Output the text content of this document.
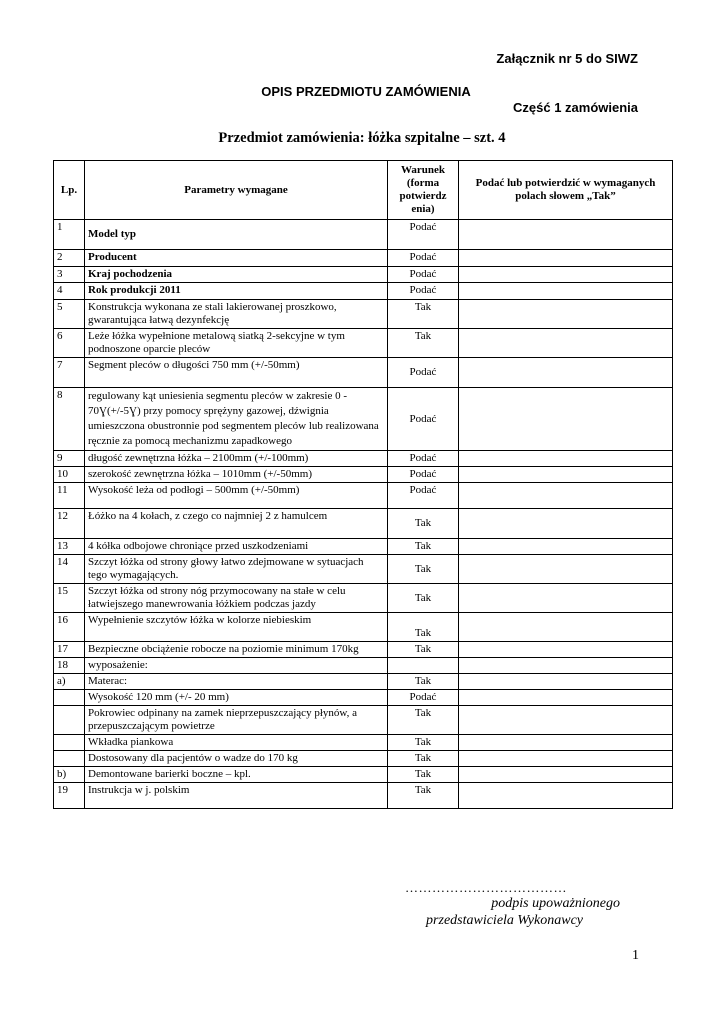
Załącznik nr 5 do SIWZ
OPIS PRZEDMIOTU ZAMÓWIENIA
Część 1 zamówienia
Przedmiot zamówienia: łóżka szpitalne – szt. 4
Lp.	Parametry wymagane	Warunek (forma potwierdz enia)	Podać lub potwierdzić w wymaganych polach słowem „Tak”
1	Model typ	Podać	
2	Producent	Podać	
3	Kraj pochodzenia	Podać	
4	Rok produkcji 2011	Podać	
5	Konstrukcja wykonana ze stali lakierowanej proszkowo, gwarantująca łatwą dezynfekcję	Tak	
6	Leże łóżka wypełnione metalową siatką 2-sekcyjne w tym podnoszone oparcie pleców	Tak	
7	Segment pleców o długości 750 mm (+/-50mm)	Podać	
8	regulowany kąt uniesienia segmentu pleców w zakresie 0 - 70Ɣ(+/-5Ɣ) przy pomocy sprężyny gazowej, dźwignia umieszczona obustronnie pod segmentem pleców lub realizowana ręcznie za pomocą mechanizmu zapadkowego	Podać	
9	długość zewnętrzna łóżka – 2100mm (+/-100mm)	Podać	
10	szerokość zewnętrzna łóżka – 1010mm (+/-50mm)	Podać	
11	Wysokość leża od podłogi – 500mm (+/-50mm)	Podać	
12	Łóżko na 4 kołach, z czego co najmniej 2 z hamulcem	Tak	
13	4 kółka odbojowe chroniące przed uszkodzeniami	Tak	
14	Szczyt łóżka od strony głowy łatwo zdejmowane w sytuacjach tego wymagających.	Tak	
15	Szczyt łóżka od strony nóg przymocowany na stałe w celu łatwiejszego manewrowania łóżkiem podczas jazdy	Tak	
16	Wypełnienie szczytów łóżka w kolorze niebieskim	Tak	
17	Bezpieczne obciążenie robocze na poziomie minimum 170kg	Tak	
18	wyposażenie:		
a)	Materac:	Tak	
	Wysokość 120 mm (+/- 20 mm)	Podać	
	Pokrowiec odpinany na zamek nieprzepuszczający płynów, a przepuszczającym powietrze	Tak	
	Wkładka piankowa	Tak	
	Dostosowany dla pacjentów o wadze do 170 kg	Tak	
b)	Demontowane barierki boczne – kpl.	Tak	
19	Instrukcja w j. polskim	Tak	
………………………………
podpis upoważnionego
przedstawiciela Wykonawcy
1
